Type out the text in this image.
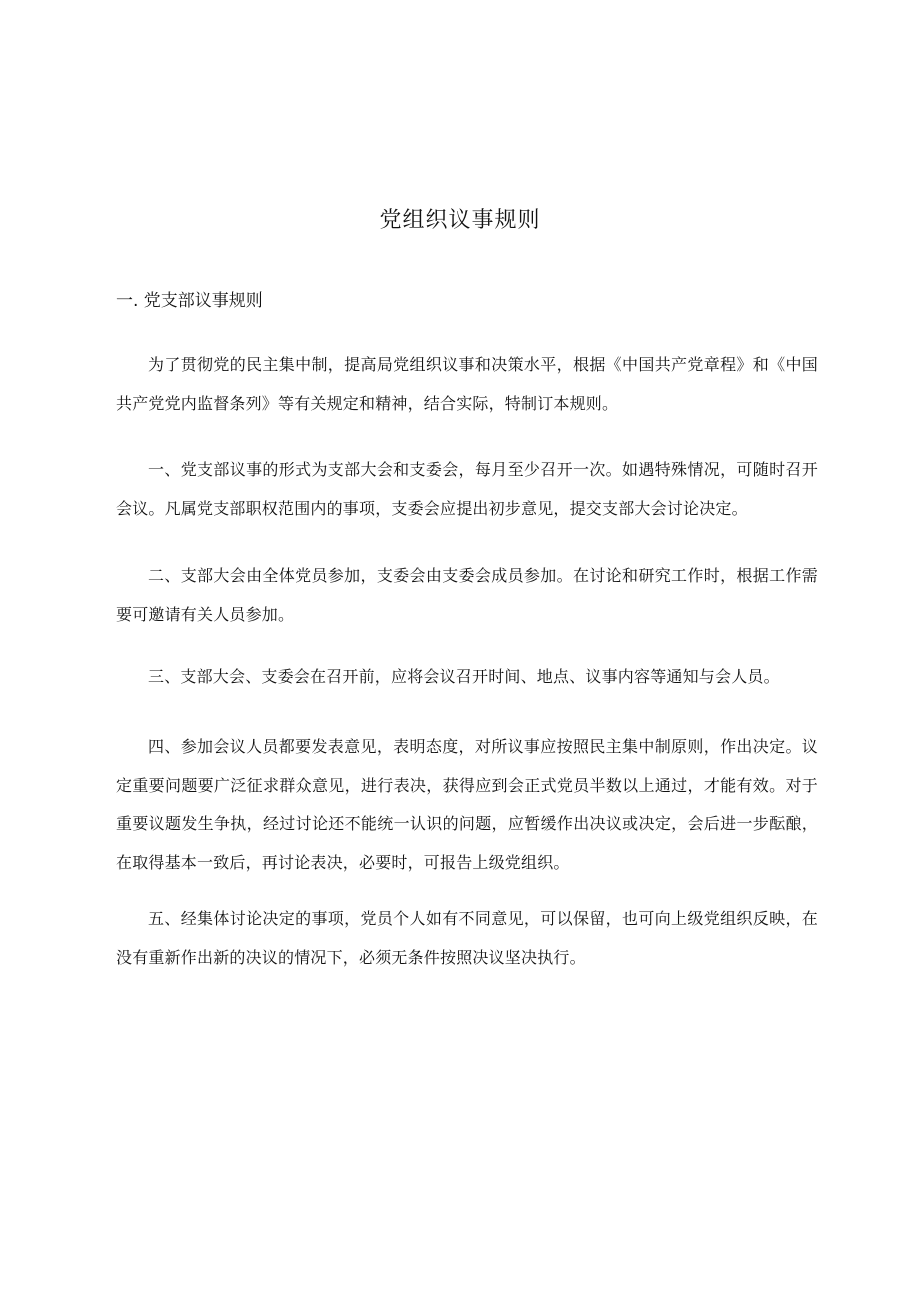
党组织议事规则
一. 党支部议事规则

为了贯彻党的民主集中制，提高局党组织议事和决策水平，根据《中国共产党章程》和《中国共产党党内监督条列》等有关规定和精神，结合实际，特制订本规则。

一、党支部议事的形式为支部大会和支委会，每月至少召开一次。如遇特殊情况，可随时召开会议。凡属党支部职权范围内的事项，支委会应提出初步意见，提交支部大会讨论决定。

二、支部大会由全体党员参加，支委会由支委会成员参加。在讨论和研究工作时，根据工作需要可邀请有关人员参加。

三、支部大会、支委会在召开前，应将会议召开时间、地点、议事内容等通知与会人员。

四、参加会议人员都要发表意见，表明态度，对所议事应按照民主集中制原则，作出决定。议定重要问题要广泛征求群众意见，进行表决，获得应到会正式党员半数以上通过，才能有效。对于重要议题发生争执，经过讨论还不能统一认识的问题，应暂缓作出决议或决定，会后进一步酝酿，在取得基本一致后，再讨论表决，必要时，可报告上级党组织。

五、经集体讨论决定的事项，党员个人如有不同意见，可以保留，也可向上级党组织反映，在没有重新作出新的决议的情况下，必须无条件按照决议坚决执行。
